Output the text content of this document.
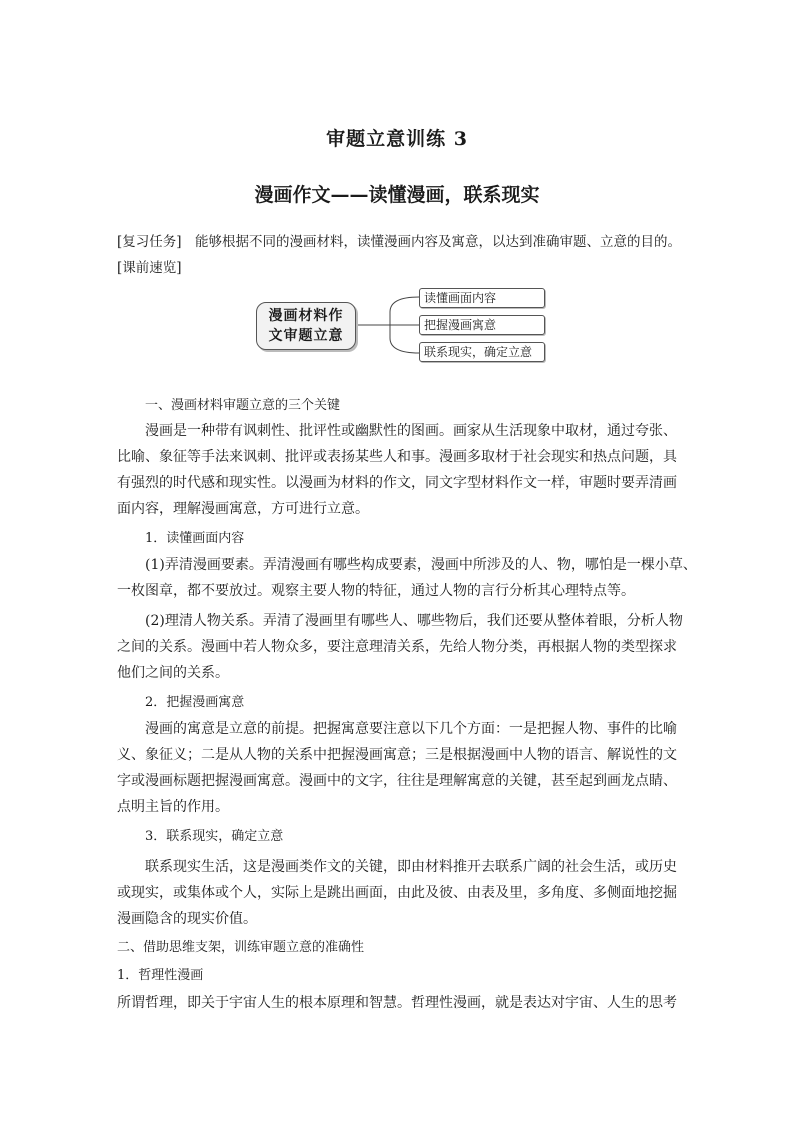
审题立意训练 3
漫画作文——读懂漫画，联系现实
[复习任务]　能够根据不同的漫画材料，读懂漫画内容及寓意，以达到准确审题、立意的目的。
[课前速览]
漫画材料作文审题立意
读懂画面内容
把握漫画寓意
联系现实，确定立意
一、漫画材料审题立意的三个关键
漫画是一种带有讽刺性、批评性或幽默性的图画。画家从生活现象中取材，通过夸张、
比喻、象征等手法来讽刺、批评或表扬某些人和事。漫画多取材于社会现实和热点问题，具
有强烈的时代感和现实性。以漫画为材料的作文，同文字型材料作文一样，审题时要弄清画
面内容，理解漫画寓意，方可进行立意。
1．读懂画面内容
(1)弄清漫画要素。弄清漫画有哪些构成要素，漫画中所涉及的人、物，哪怕是一棵小草、
一枚图章，都不要放过。观察主要人物的特征，通过人物的言行分析其心理特点等。
(2)理清人物关系。弄清了漫画里有哪些人、哪些物后，我们还要从整体着眼，分析人物
之间的关系。漫画中若人物众多，要注意理清关系，先给人物分类，再根据人物的类型探求
他们之间的关系。
2．把握漫画寓意
漫画的寓意是立意的前提。把握寓意要注意以下几个方面：一是把握人物、事件的比喻
义、象征义；二是从人物的关系中把握漫画寓意；三是根据漫画中人物的语言、解说性的文
字或漫画标题把握漫画寓意。漫画中的文字，往往是理解寓意的关键，甚至起到画龙点睛、
点明主旨的作用。
3．联系现实，确定立意
联系现实生活，这是漫画类作文的关键，即由材料推开去联系广阔的社会生活，或历史
或现实，或集体或个人，实际上是跳出画面，由此及彼、由表及里，多角度、多侧面地挖掘
漫画隐含的现实价值。
二、借助思维支架，训练审题立意的准确性
1．哲理性漫画
所谓哲理，即关于宇宙人生的根本原理和智慧。哲理性漫画，就是表达对宇宙、人生的思考
